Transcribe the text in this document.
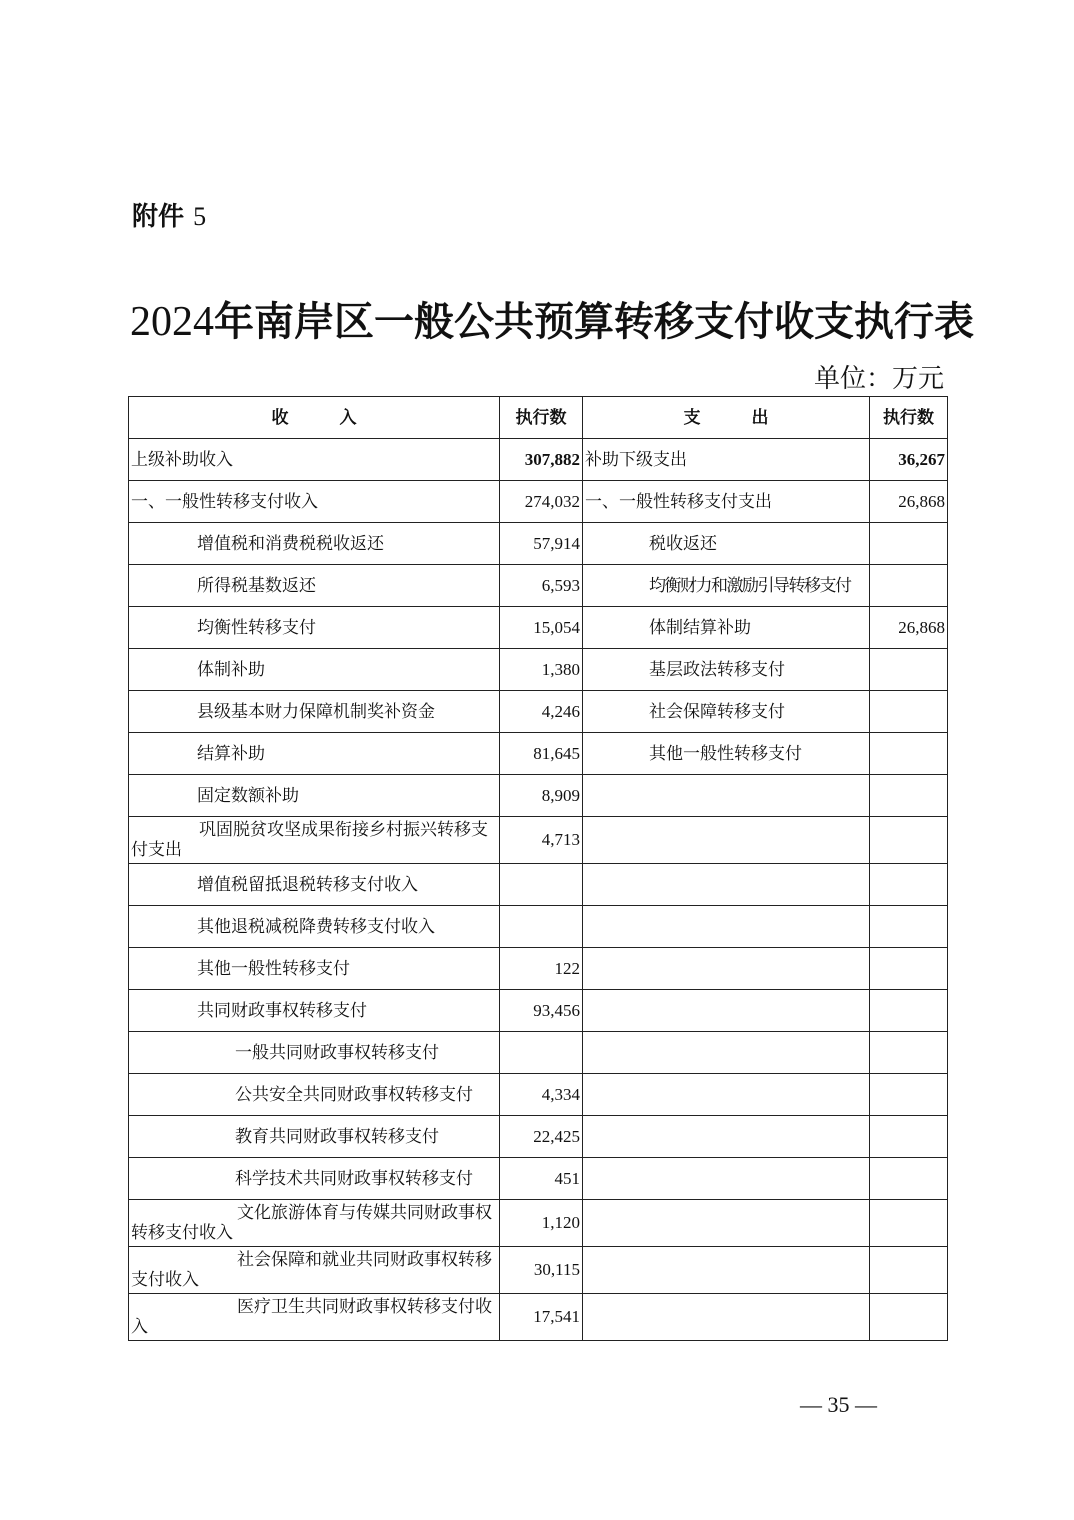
附件 5
2024年南岸区一般公共预算转移支付收支执行表
单位：万元
收　　　入	执行数	支　　　出	执行数
上级补助收入	307,882	补助下级支出	36,267
一、一般性转移支付收入	274,032	一、一般性转移支付支出	26,868
增值税和消费税税收返还	57,914	税收返还	
所得税基数返还	6,593	均衡财力和激励引导转移支付	
均衡性转移支付	15,054	体制结算补助	26,868
体制补助	1,380	基层政法转移支付	
县级基本财力保障机制奖补资金	4,246	社会保障转移支付	
结算补助	81,645	其他一般性转移支付	
固定数额补助	8,909		
巩固脱贫攻坚成果衔接乡村振兴转移支付支出	4,713		
增值税留抵退税转移支付收入			
其他退税减税降费转移支付收入			
其他一般性转移支付	122		
共同财政事权转移支付	93,456		
一般共同财政事权转移支付			
公共安全共同财政事权转移支付	4,334		
教育共同财政事权转移支付	22,425		
科学技术共同财政事权转移支付	451		
文化旅游体育与传媒共同财政事权转移支付收入	1,120		
社会保障和就业共同财政事权转移支付收入	30,115		
医疗卫生共同财政事权转移支付收入	17,541		
— 35 —
